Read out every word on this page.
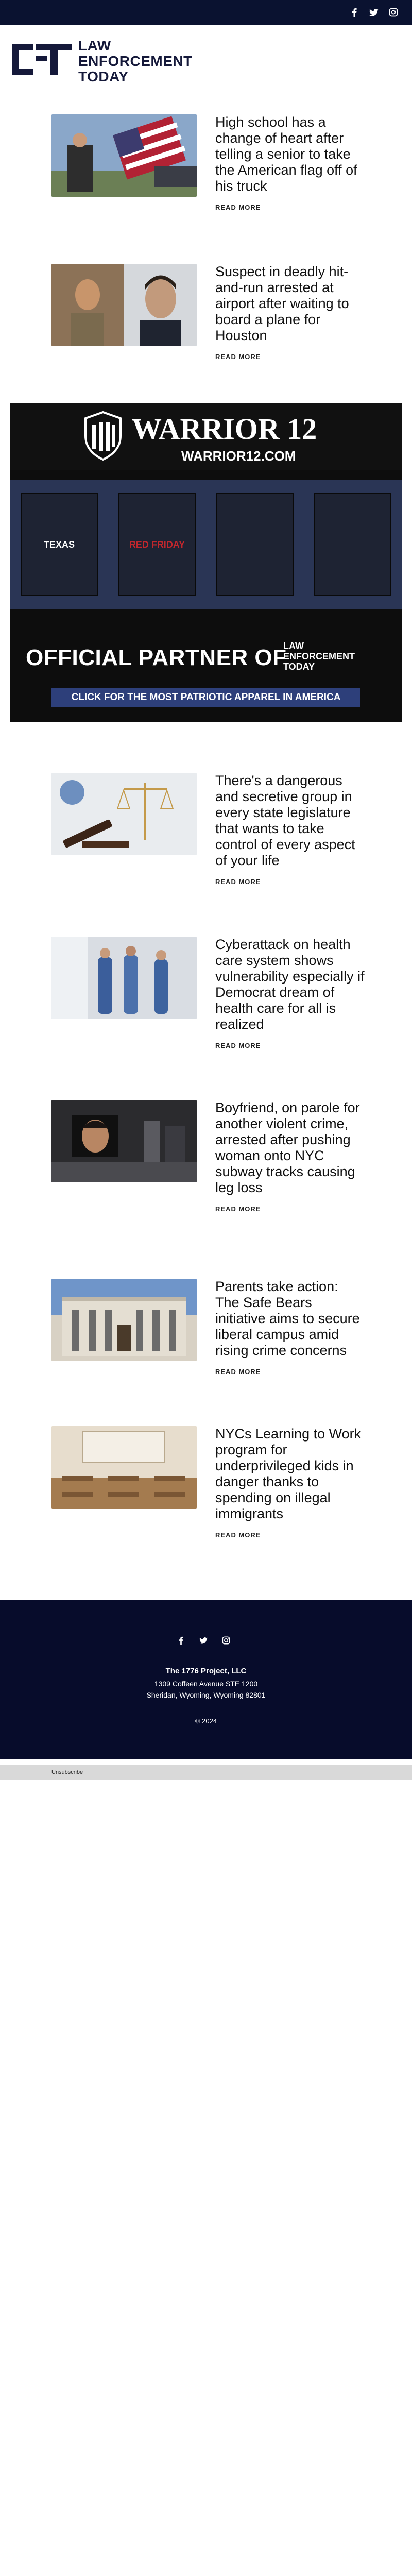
LAW
ENFORCEMENT
TODAY
High school has a change of heart after telling a senior to take the American flag off of his truck
READ MORE
Suspect in deadly hit-and-run arrested at airport after waiting to board a plane for Houston
READ MORE
WARRIOR 12
WARRIOR12.COM
TEXAS	RED FRIDAY
OFFICIAL PARTNER OF
LAW
ENFORCEMENT
TODAY
CLICK FOR THE MOST PATRIOTIC APPAREL IN AMERICA
There's a dangerous and secretive group in every state legislature that wants to take control of every aspect of your life
READ MORE
Cyberattack on health care system shows vulnerability especially if Democrat dream of health care for all is realized
READ MORE
Boyfriend, on parole for another violent crime, arrested after pushing woman onto NYC subway tracks causing leg loss
READ MORE
Parents take action: The Safe Bears initiative aims to secure liberal campus amid rising crime concerns
READ MORE
NYCs Learning to Work program for underprivileged kids in danger thanks to spending on illegal immigrants
READ MORE
The 1776 Project, LLC
1309 Coffeen Avenue STE 1200
Sheridan, Wyoming, Wyoming 82801
© 2024
Unsubscribe
